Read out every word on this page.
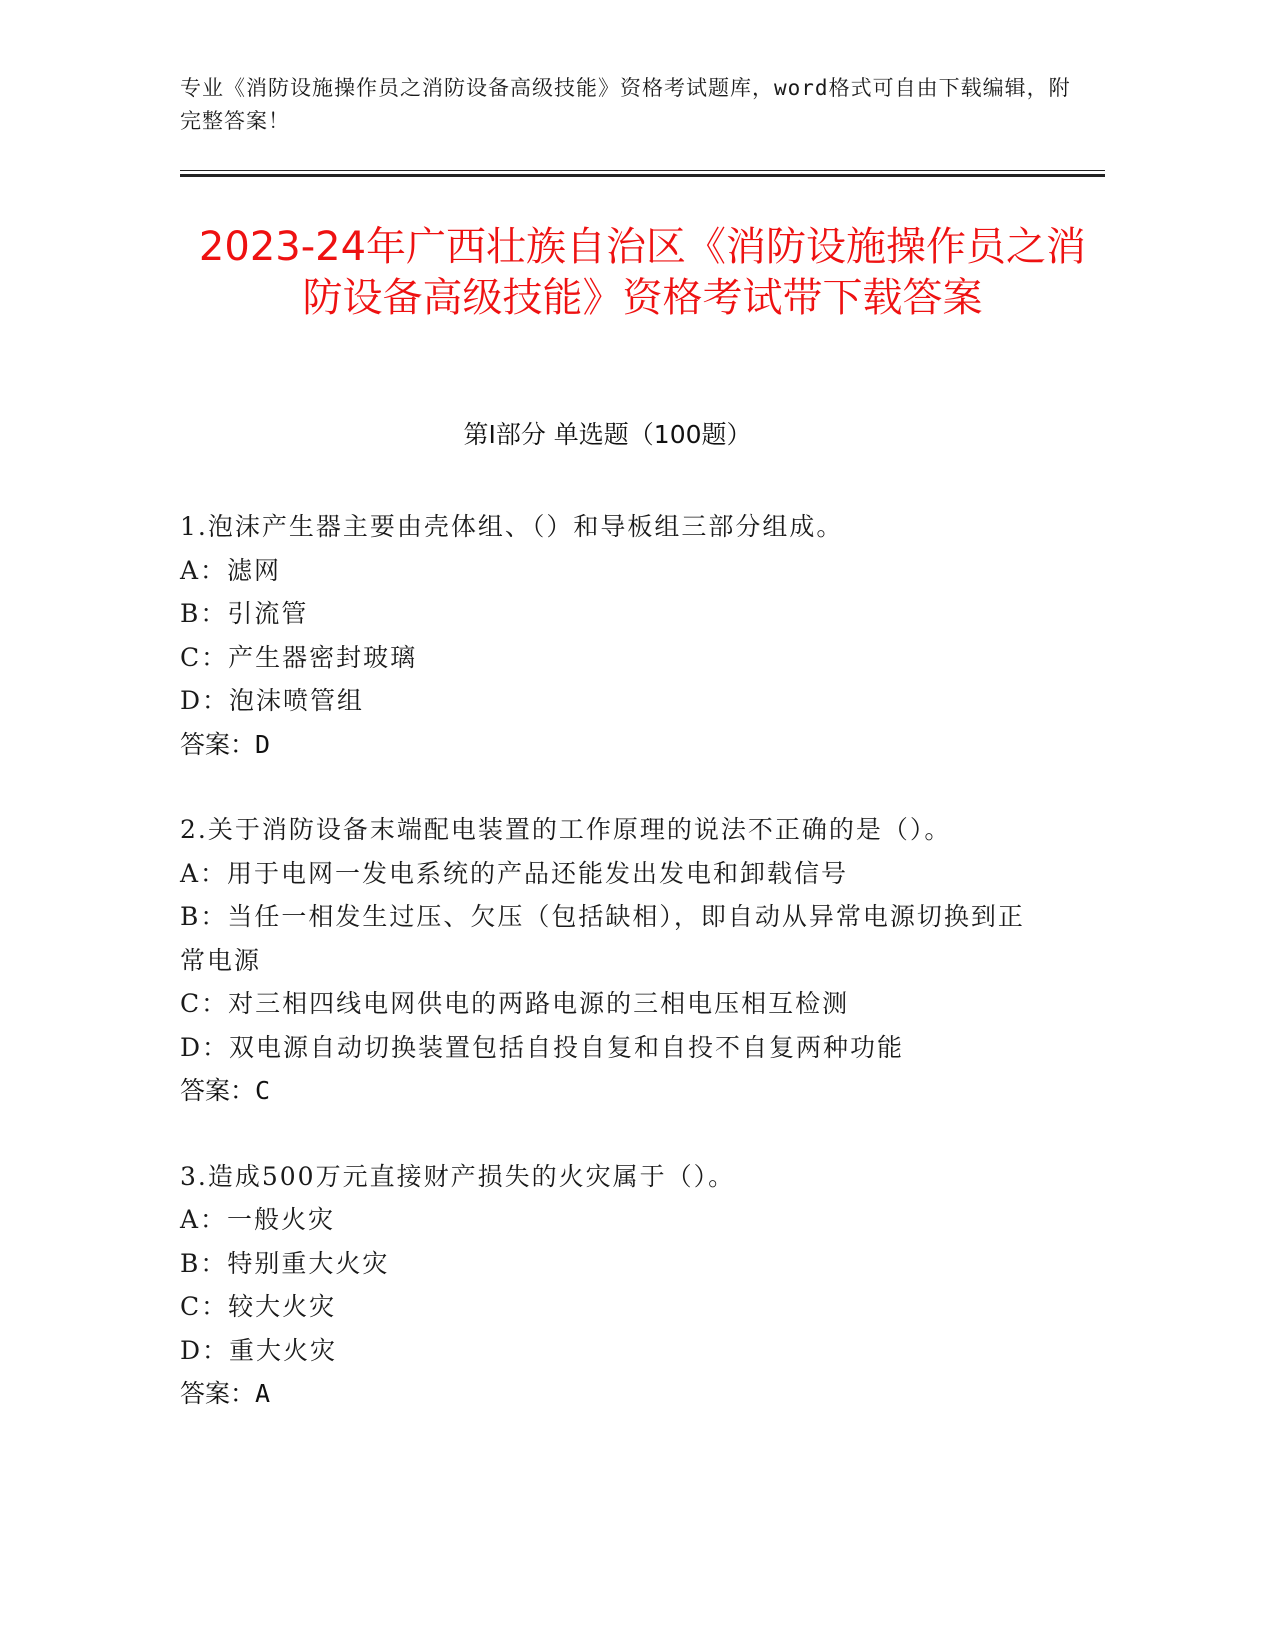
专业《消防设施操作员之消防设备高级技能》资格考试题库，word格式可自由下载编辑，附完整答案！
2023-24年广西壮族自治区《消防设施操作员之消防设备高级技能》资格考试带下载答案
第Ⅰ部分 单选题（100题）
1.泡沫产生器主要由壳体组、（）和导板组三部分组成。
A：滤网
B：引流管
C：产生器密封玻璃
D：泡沫喷管组
答案：D
2.关于消防设备末端配电装置的工作原理的说法不正确的是（）。
A：用于电网一发电系统的产品还能发出发电和卸载信号
B：当任一相发生过压、欠压（包括缺相），即自动从异常电源切换到正常电源
C：对三相四线电网供电的两路电源的三相电压相互检测
D：双电源自动切换装置包括自投自复和自投不自复两种功能
答案：C
3.造成500万元直接财产损失的火灾属于（）。
A：一般火灾
B：特别重大火灾
C：较大火灾
D：重大火灾
答案：A
